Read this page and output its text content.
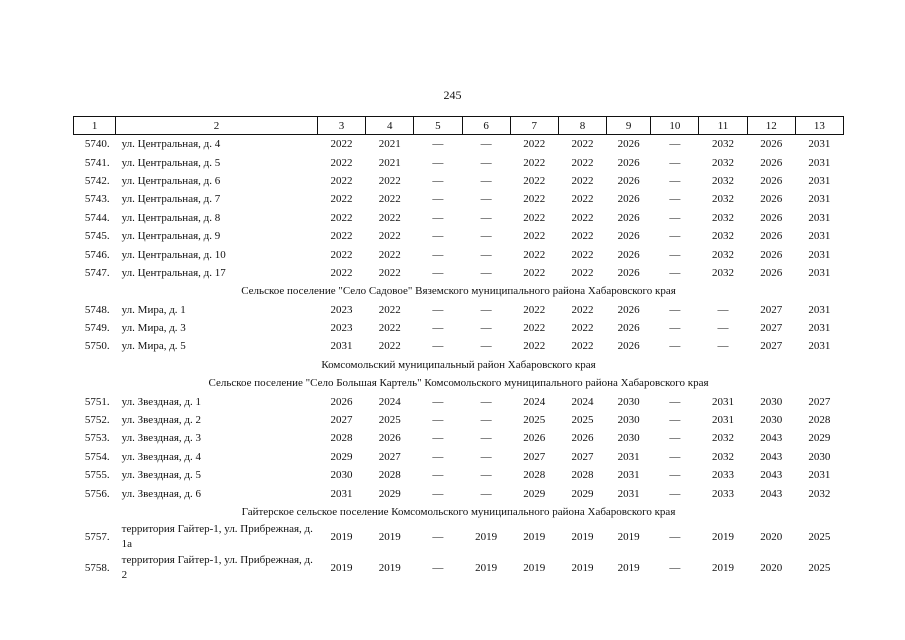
245
1	2	3	4	5	6	7	8	9	10	11	12	13
5740.	ул. Центральная, д. 4	2022	2021	—	—	2022	2022	2026	—	2032	2026	2031
5741.	ул. Центральная, д. 5	2022	2021	—	—	2022	2022	2026	—	2032	2026	2031
5742.	ул. Центральная, д. 6	2022	2022	—	—	2022	2022	2026	—	2032	2026	2031
5743.	ул. Центральная, д. 7	2022	2022	—	—	2022	2022	2026	—	2032	2026	2031
5744.	ул. Центральная, д. 8	2022	2022	—	—	2022	2022	2026	—	2032	2026	2031
5745.	ул. Центральная, д. 9	2022	2022	—	—	2022	2022	2026	—	2032	2026	2031
5746.	ул. Центральная, д. 10	2022	2022	—	—	2022	2022	2026	—	2032	2026	2031
5747.	ул. Центральная, д. 17	2022	2022	—	—	2022	2022	2026	—	2032	2026	2031
Сельское поселение "Село Садовое" Вяземского муниципального района Хабаровского края												
5748.	ул. Мира, д. 1	2023	2022	—	—	2022	2022	2026	—	—	2027	2031
5749.	ул. Мира, д. 3	2023	2022	—	—	2022	2022	2026	—	—	2027	2031
5750.	ул. Мира, д. 5	2031	2022	—	—	2022	2022	2026	—	—	2027	2031
Комсомольский муниципальный район Хабаровского края												
Сельское поселение "Село Большая Картель" Комсомольского муниципального района Хабаровского края												
5751.	ул. Звездная, д. 1	2026	2024	—	—	2024	2024	2030	—	2031	2030	2027
5752.	ул. Звездная, д. 2	2027	2025	—	—	2025	2025	2030	—	2031	2030	2028
5753.	ул. Звездная, д. 3	2028	2026	—	—	2026	2026	2030	—	2032	2043	2029
5754.	ул. Звездная, д. 4	2029	2027	—	—	2027	2027	2031	—	2032	2043	2030
5755.	ул. Звездная, д. 5	2030	2028	—	—	2028	2028	2031	—	2033	2043	2031
5756.	ул. Звездная, д. 6	2031	2029	—	—	2029	2029	2031	—	2033	2043	2032
Гайтерское сельское поселение Комсомольского муниципального района Хабаровского края												
5757.	территория Гайтер-1, ул. Прибрежная, д. 1а	2019	2019	—	2019	2019	2019	2019	—	2019	2020	2025
5758.	территория Гайтер-1, ул. Прибрежная, д. 2	2019	2019	—	2019	2019	2019	2019	—	2019	2020	2025
